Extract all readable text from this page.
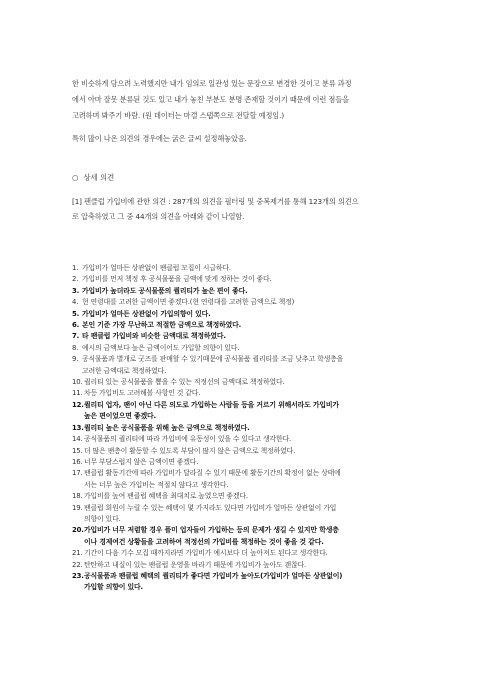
한 비슷하게 담으려 노력했지만 내가 임의로 일관성 있는 문장으로 변경한 것이고 분류 과정
에서 아마 잘못 분류된 것도 있고 내가 놓친 부분도 분명 존재할 것이기 때문에 이런 점들을
고려하며 봐주기 바람. (원 데이터는 마갤 스탭쪽으로 전달할 예정임.)

특히 많이 나온 의견의 경우에는 굵은 글씨 설정해놓았음.

○ 상세 의견

[1] 팬클럽 가입비에 관한 의견 : 287개의 의견을 필터링 및 중복제거를 통해 123개의 의견으
로 압축하였고 그 중 44개의 의견을 아래와 같이 나열함.

1. 가입비가 얼마든 상관없이 팬클럽 모집이 시급하다.
2. 가입비를 먼저 책정 후 공식물품을 금액에 맞게 정하는 것이 좋다.
3. 가입비가 높더라도 공식물품의 퀄리티가 높은 편이 좋다.
4. 현 연령대를 고려한 금액이면 좋겠다.(현 연령대를 고려한 금액으로 책정)
5. 가입비가 얼마든 상관없이 가입의향이 있다.
6. 본인 기준 가장 무난하고 적절한 금액으로 책정하였다.
7. 타 팬클럽 가입비와 비슷한 금액대로 책정하였다.
8. 예시의 금액보다 높은 금액이어도 가입할 의향이 있다.
9. 공식물품과 별개로 굿즈를 판매할 수 있기때문에 공식물품 퀄리티를 조금 낮추고 학생층을
고려한 금액대로 책정하였다.
10. 퀄리티 있는 공식물품을 뽑을 수 있는 적정선의 금액대로 책정하였다.
11. 차등 가입비도 고려해볼 사항인 것 같다.
12. 퀄리티 업자, 팬이 아닌 다른 의도로 가입하는 사람들 등을 거르기 위해서라도 가입비가
높은 편이었으면 좋겠다.
13. 퀄리티 높은 공식물품을 위해 높은 금액으로 책정하였다.
14. 공식물품의 퀄리티에 따라 가입비에 유동성이 있을 수 있다고 생각한다.
15. 더 많은 팬층이 활동할 수 있도록 부담이 많지 않은 금액으로 책정하였다.
16. 너무 부담스럽지 않은 금액이면 좋겠다.
17. 팬클럽 활동기간에 따라 가입비가 달라질 수 있기 때문에 활동기간의 확정이 없는 상태에
서는 너무 높은 가입비는 적절치 않다고 생각한다.
18. 가입비를 높여 팬클럽 혜택을 최대치로 높였으면 좋겠다.
19. 팬클럽 회원이 누릴 수 있는 혜택이 몇 가지라도 있다면 가입비가 얼마든 상관없이 가입
의향이 있다.
20. 가입비가 너무 저렴할 경우 플미 업자들이 가입하는 등의 문제가 생길 수 있지만 학생층
이나 경제여건 상황들을 고려하여 적정선의 가입비를 책정하는 것이 좋을 것 같다.
21. 기간이 다음 기수 모집 때까지라면 가입비가 예시보다 더 높아져도 된다고 생각한다.
22. 탄탄하고 내실이 있는 팬클럽 운영을 바라기 때문에 가입비가 높아도 괜찮다.
23. 공식물품과 팬클럽 혜택의 퀄리티가 좋다면 가입비가 높아도(가입비가 얼마든 상관없이)
가입할 의향이 있다.
